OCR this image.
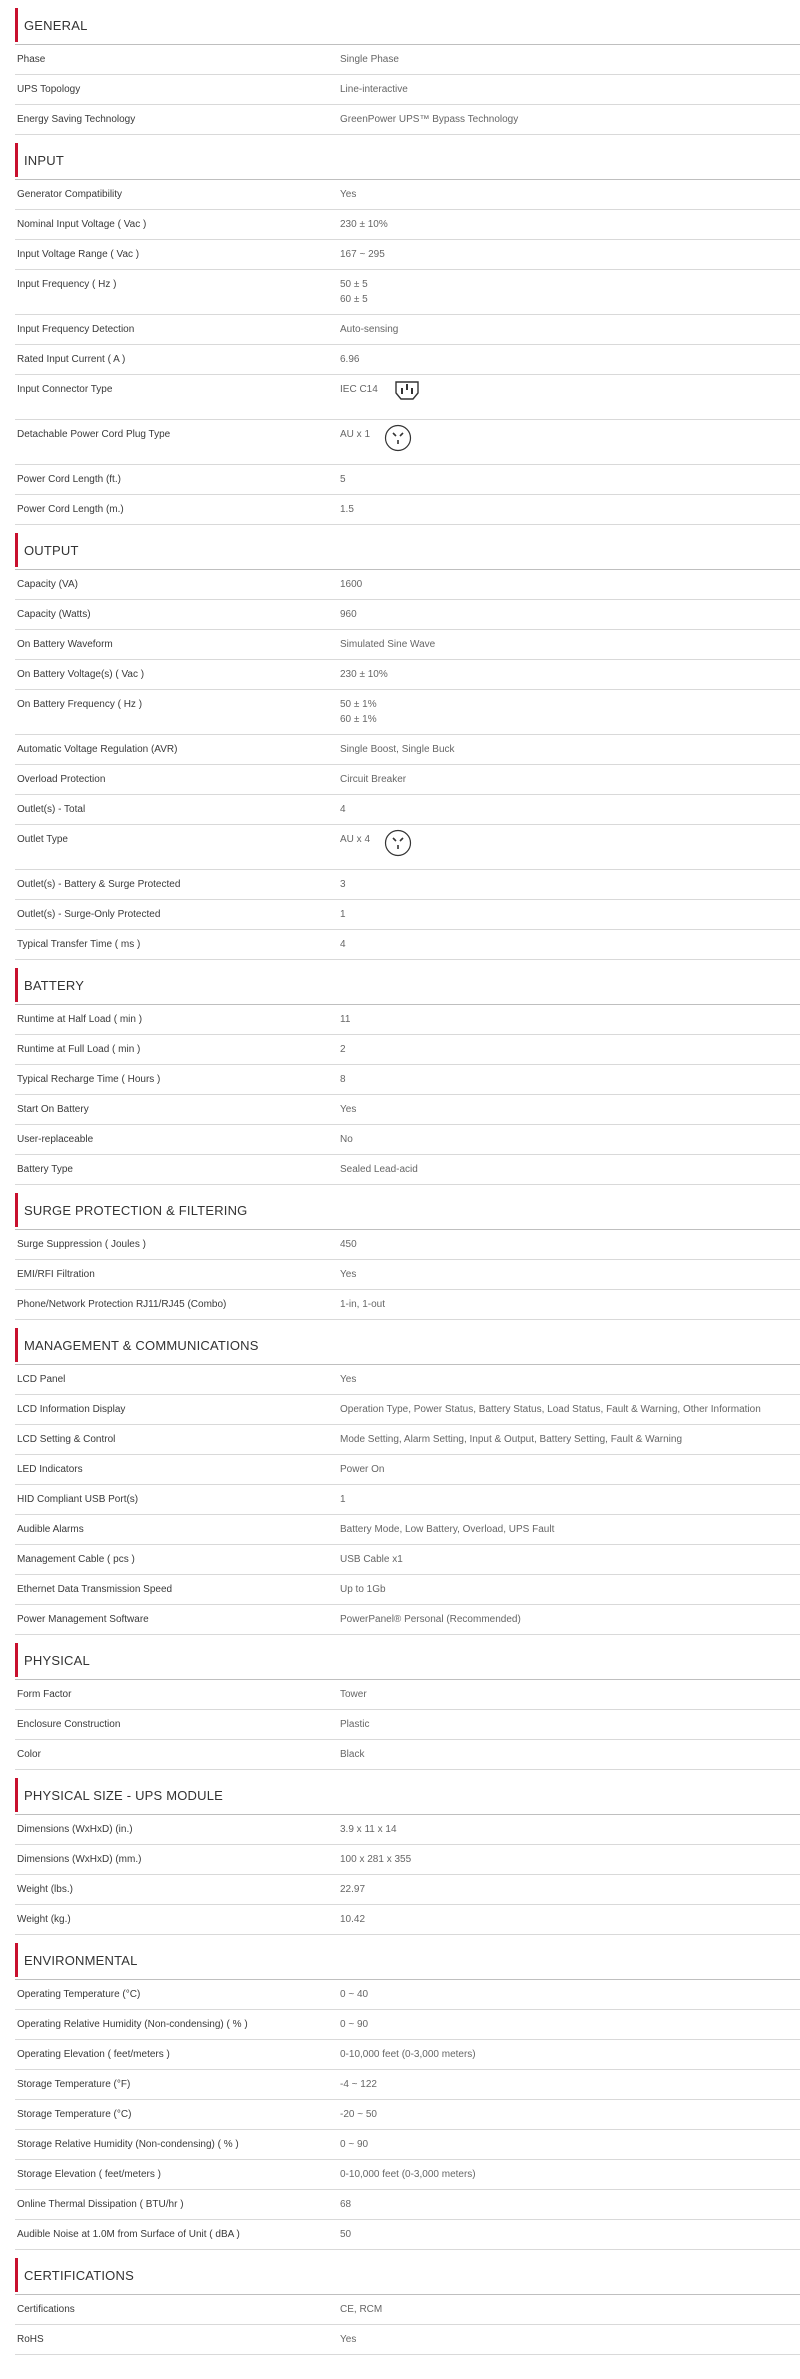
GENERAL
Phase	Single Phase
UPS Topology	Line-interactive
Energy Saving Technology	GreenPower UPS™ Bypass Technology
INPUT
Generator Compatibility	Yes
Nominal Input Voltage ( Vac )	230 ± 10%
Input Voltage Range ( Vac )	167 ~ 295
Input Frequency ( Hz )	50 ± 5
60 ± 5
Input Frequency Detection	Auto-sensing
Rated Input Current ( A )	6.96
Input Connector Type	IEC C14
Detachable Power Cord Plug Type	AU x 1
Power Cord Length (ft.)	5
Power Cord Length (m.)	1.5
OUTPUT
Capacity (VA)	1600
Capacity (Watts)	960
On Battery Waveform	Simulated Sine Wave
On Battery Voltage(s) ( Vac )	230 ± 10%
On Battery Frequency ( Hz )	50 ± 1%
60 ± 1%
Automatic Voltage Regulation (AVR)	Single Boost, Single Buck
Overload Protection	Circuit Breaker
Outlet(s) - Total	4
Outlet Type	AU x 4
Outlet(s) - Battery & Surge Protected	3
Outlet(s) - Surge-Only Protected	1
Typical Transfer Time ( ms )	4
BATTERY
Runtime at Half Load ( min )	11
Runtime at Full Load ( min )	2
Typical Recharge Time ( Hours )	8
Start On Battery	Yes
User-replaceable	No
Battery Type	Sealed Lead-acid
SURGE PROTECTION & FILTERING
Surge Suppression ( Joules )	450
EMI/RFI Filtration	Yes
Phone/Network Protection RJ11/RJ45 (Combo)	1-in, 1-out
MANAGEMENT & COMMUNICATIONS
LCD Panel	Yes
LCD Information Display	Operation Type, Power Status, Battery Status, Load Status, Fault & Warning, Other Information
LCD Setting & Control	Mode Setting, Alarm Setting, Input & Output, Battery Setting, Fault & Warning
LED Indicators	Power On
HID Compliant USB Port(s)	1
Audible Alarms	Battery Mode, Low Battery, Overload, UPS Fault
Management Cable ( pcs )	USB Cable x1
Ethernet Data Transmission Speed	Up to 1Gb
Power Management Software	PowerPanel® Personal (Recommended)
PHYSICAL
Form Factor	Tower
Enclosure Construction	Plastic
Color	Black
PHYSICAL SIZE - UPS MODULE
Dimensions (WxHxD) (in.)	3.9 x 11 x 14
Dimensions (WxHxD) (mm.)	100 x 281 x 355
Weight (lbs.)	22.97
Weight (kg.)	10.42
ENVIRONMENTAL
Operating Temperature (°C)	0 ~ 40
Operating Relative Humidity (Non-condensing) ( % )	0 ~ 90
Operating Elevation ( feet/meters )	0-10,000 feet (0-3,000 meters)
Storage Temperature (°F)	-4 ~ 122
Storage Temperature (°C)	-20 ~ 50
Storage Relative Humidity (Non-condensing) ( % )	0 ~ 90
Storage Elevation ( feet/meters )	0-10,000 feet (0-3,000 meters)
Online Thermal Dissipation ( BTU/hr )	68
Audible Noise at 1.0M from Surface of Unit ( dBA )	50
CERTIFICATIONS
Certifications	CE, RCM
RoHS	Yes
